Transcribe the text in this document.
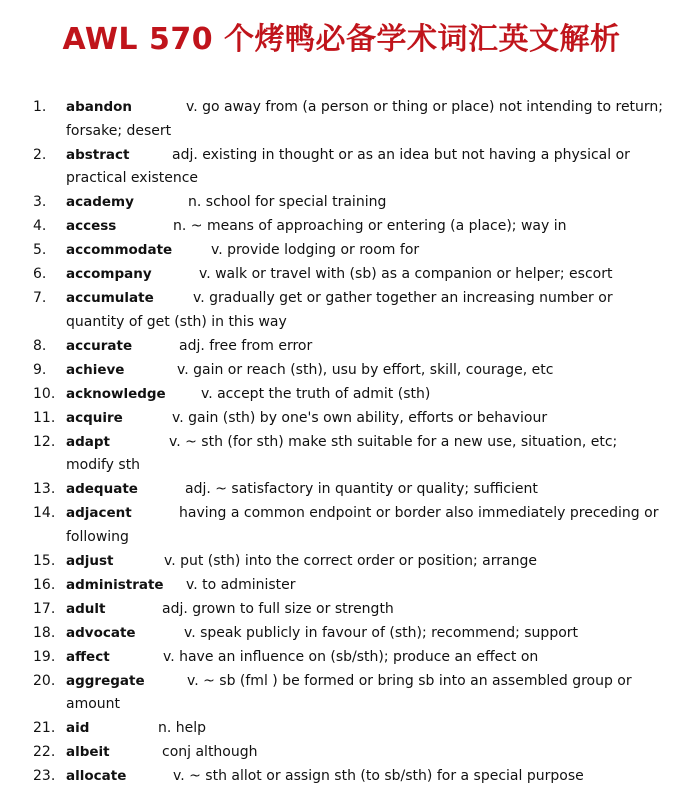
AWL 570 个烤鸭必备学术词汇英文解析
1. abandon	v. go away from (a person or thing or place) not intending to return; forsake; desert
2. abstract	adj. existing in thought or as an idea but not having a physical or practical existence
3. academy	n. school for special training
4. access	n. ~ means of approaching or entering (a place); way in
5. accommodate	v. provide lodging or room for
6. accompany	v. walk or travel with (sb) as a companion or helper; escort
7. accumulate	v. gradually get or gather together an increasing number or quantity of get (sth) in this way
8. accurate	adj. free from error
9. achieve	v. gain or reach (sth), usu by effort, skill, courage, etc
10. acknowledge	v. accept the truth of admit (sth)
11. acquire	v. gain (sth) by one's own ability, efforts or behaviour
12. adapt	v. ~ sth (for sth) make sth suitable for a new use, situation, etc; modify sth
13. adequate	adj. ~ satisfactory in quantity or quality; sufficient
14. adjacent	having a common endpoint or border also immediately preceding or following
15. adjust	v. put (sth) into the correct order or position; arrange
16. administrate v. to administer
17. adult	adj. grown to full size or strength
18. advocate	v. speak publicly in favour of (sth); recommend; support
19. affect	v. have an influence on (sb/sth); produce an effect on
20. aggregate	v. ~ sb (fml ) be formed or bring sb into an assembled group or amount
21. aid	n. help
22. albeit	conj although
23. allocate	v. ~ sth allot or assign sth (to sb/sth) for a special purpose
